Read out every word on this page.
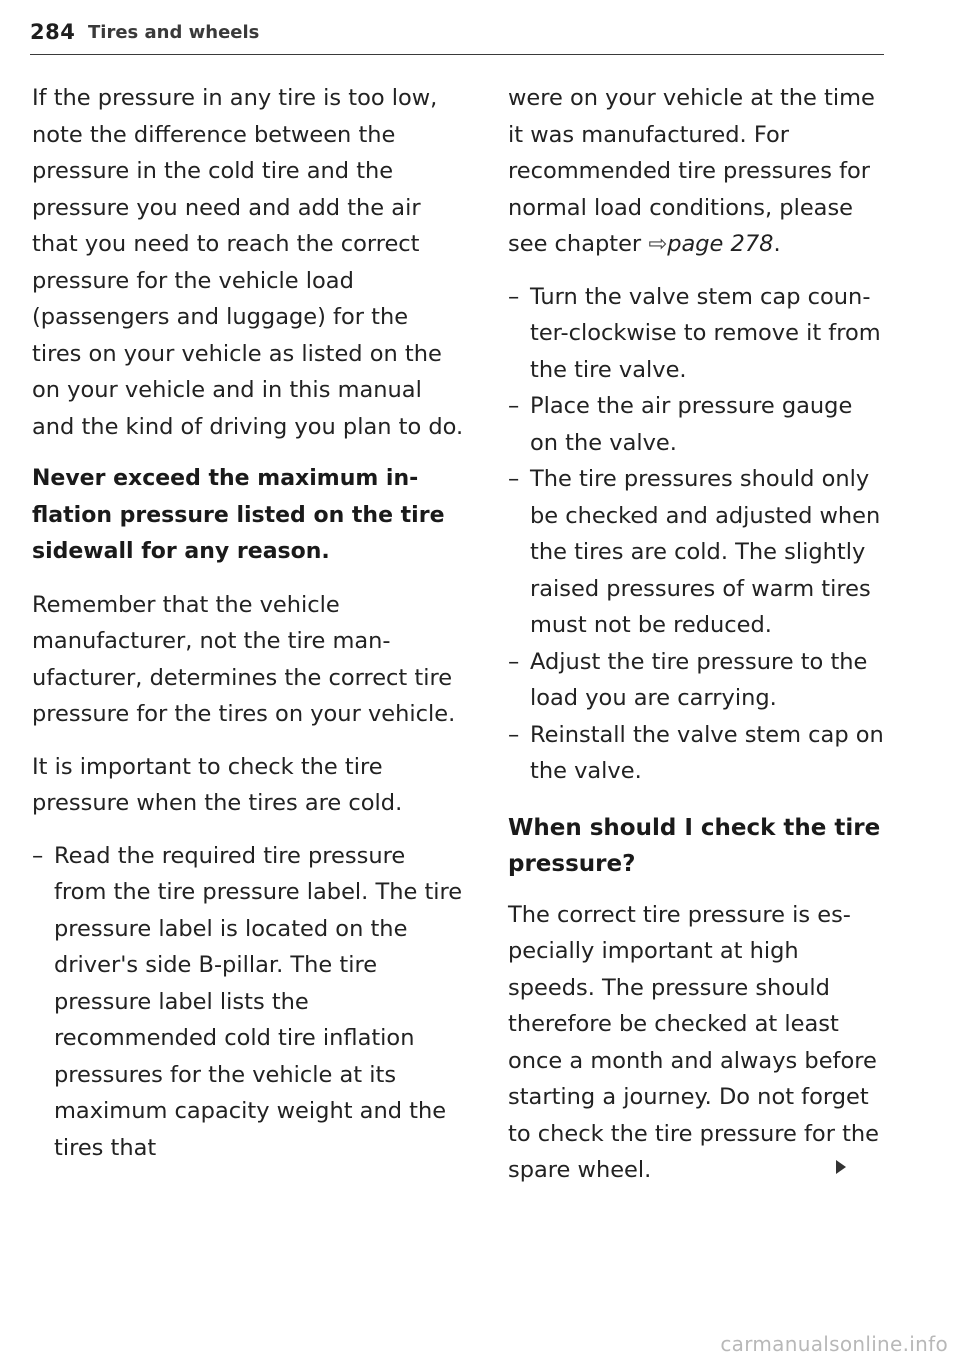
284 Tires and wheels

If the pressure in any tire is too low, note the difference between the pressure in the cold tire and the pressure you need and add the air that you need to reach the correct pressure for the vehicle load (passengers and luggage) for the tires on your vehicle as listed on the on your vehicle and in this manual and the kind of driving you plan to do.

Never exceed the maximum inflation pressure listed on the tire sidewall for any reason.

Remember that the vehicle manufacturer, not the tire manufacturer, determines the correct tire pressure for the tires on your vehicle.

It is important to check the tire pressure when the tires are cold.

– Read the required tire pressure from the tire pressure label. The tire pressure label is located on the driver's side B-pillar. The tire pressure label lists the recommended cold tire inflation pressures for the vehicle at its maximum capacity weight and the tires that

were on your vehicle at the time it was manufactured. For recommended tire pressures for normal load conditions, please see chapter ⇨page 278.

– Turn the valve stem cap counter-clockwise to remove it from the tire valve.
– Place the air pressure gauge on the valve.
– The tire pressures should only be checked and adjusted when the tires are cold. The slightly raised pressures of warm tires must not be reduced.
– Adjust the tire pressure to the load you are carrying.
– Reinstall the valve stem cap on the valve.
When should I check the tire pressure?

The correct tire pressure is especially important at high speeds. The pressure should therefore be checked at least once a month and always before starting a journey. Do not forget to check the tire pressure for the spare wheel.

carmanualsonline.info
